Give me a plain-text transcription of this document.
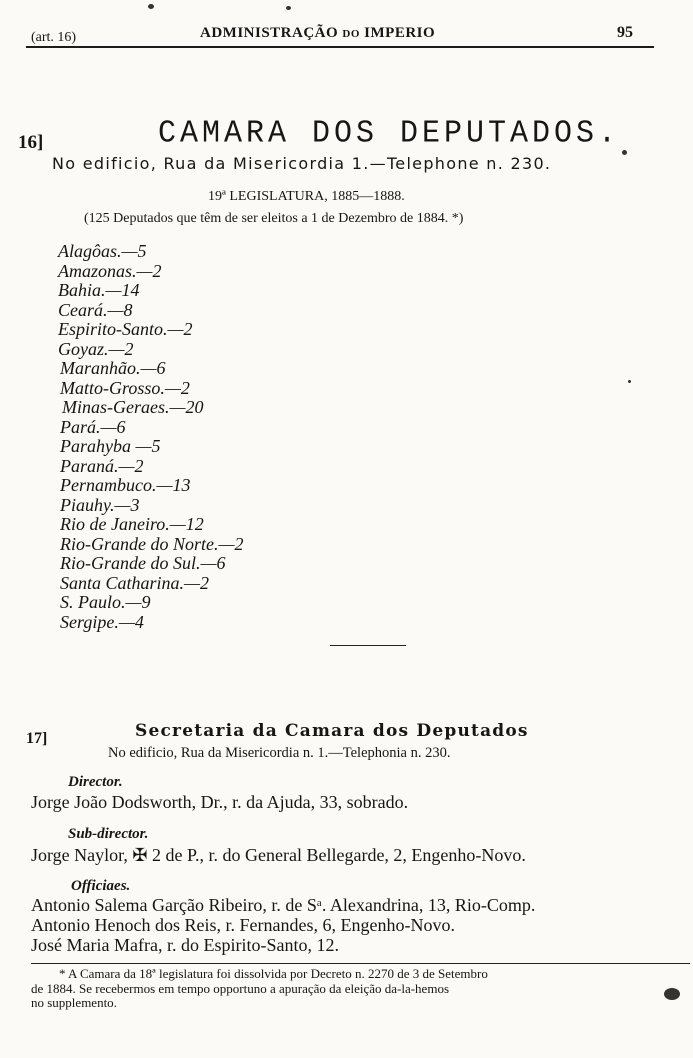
(art. 16)	ADMINISTRAÇÃO do IMPERIO	95
16]	CAMARA DOS DEPUTADOS.
No edificio, Rua da Misericordia 1.—Telephone n. 230.
19ª LEGISLATURA, 1885—1888.
(125 Deputados que têm de ser eleitos a 1 de Dezembro de 1884. *)
Alagôas.—5
Amazonas.—2
Bahia.—14
Ceará.—8
Espirito-Santo.—2
Goyaz.—2
Maranhão.—6
Matto-Grosso.—2
Minas-Geraes.—20
Pará.—6
Parahyba —5
Paraná.—2
Pernambuco.—13
Piauhy.—3
Rio de Janeiro.—12
Rio-Grande do Norte.—2
Rio-Grande do Sul.—6
Santa Catharina.—2
S. Paulo.—9
Sergipe.—4
17]	Secretaria da Camara dos Deputados
No edificio, Rua da Misericordia n. 1.—Telephonia n. 230.
Director.
Jorge João Dodsworth, Dr., r. da Ajuda, 33, sobrado.
Sub-director.
Jorge Naylor, ✠ 2 de P., r. do General Bellegarde, 2, Engenho-Novo.
Officiaes.
Antonio Salema Garção Ribeiro, r. de Sᵃ. Alexandrina, 13, Rio-Comp.
Antonio Henoch dos Reis, r. Fernandes, 6, Engenho-Novo.
José Maria Mafra, r. do Espirito-Santo, 12.
* A Camara da 18ª legislatura foi dissolvida por Decreto n. 2270 de 3 de Setembro
de 1884. Se recebermos em tempo opportuno a apuração da eleição da-la-hemos
no supplemento.
